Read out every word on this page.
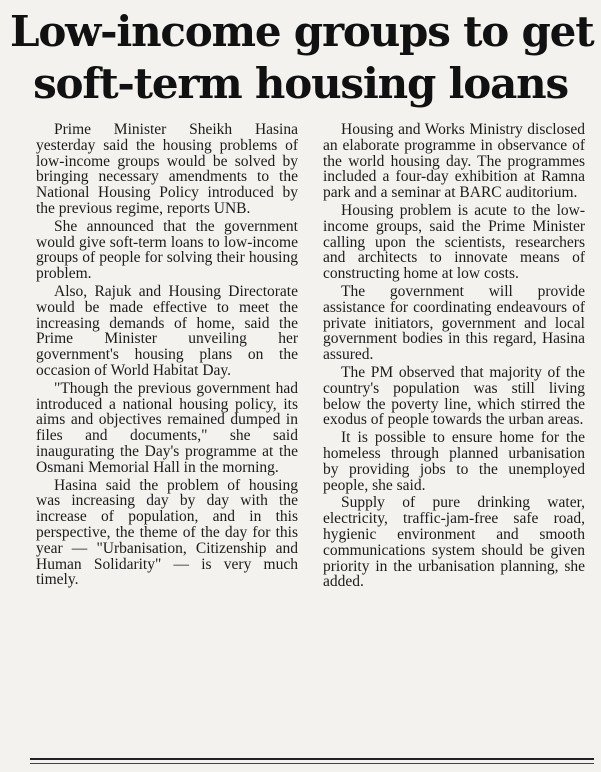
Low-income groups to get
soft-term housing loans

Prime Minister Sheikh Hasina yesterday said the housing problems of low-income groups would be solved by bringing necessary amendments to the National Housing Policy introduced by the previous regime, reports UNB.

She announced that the government would give soft-term loans to low-income groups of people for solving their housing problem.

Also, Rajuk and Housing Directorate would be made effective to meet the increasing demands of home, said the Prime Minister unveiling her government's housing plans on the occasion of World Habitat Day.

"Though the previous government had introduced a national housing policy, its aims and objectives remained dumped in files and documents," she said inaugurating the Day's programme at the Osmani Memorial Hall in the morning.

Hasina said the problem of housing was increasing day by day with the increase of population, and in this perspective, the theme of the day for this year — "Urbanisation, Citizenship and Human Solidarity" — is very much timely.

Housing and Works Ministry disclosed an elaborate programme in observance of the world housing day. The programmes included a four-day exhibition at Ramna park and a seminar at BARC auditorium.

Housing problem is acute to the low-income groups, said the Prime Minister calling upon the scientists, researchers and architects to innovate means of constructing home at low costs.

The government will provide assistance for coordinating endeavours of private initiators, government and local government bodies in this regard, Hasina assured.

The PM observed that majority of the country's population was still living below the poverty line, which stirred the exodus of people towards the urban areas.

It is possible to ensure home for the homeless through planned urbanisation by providing jobs to the unemployed people, she said.

Supply of pure drinking water, electricity, traffic-jam-free safe road, hygienic environment and smooth communications system should be given priority in the urbanisation planning, she added.
